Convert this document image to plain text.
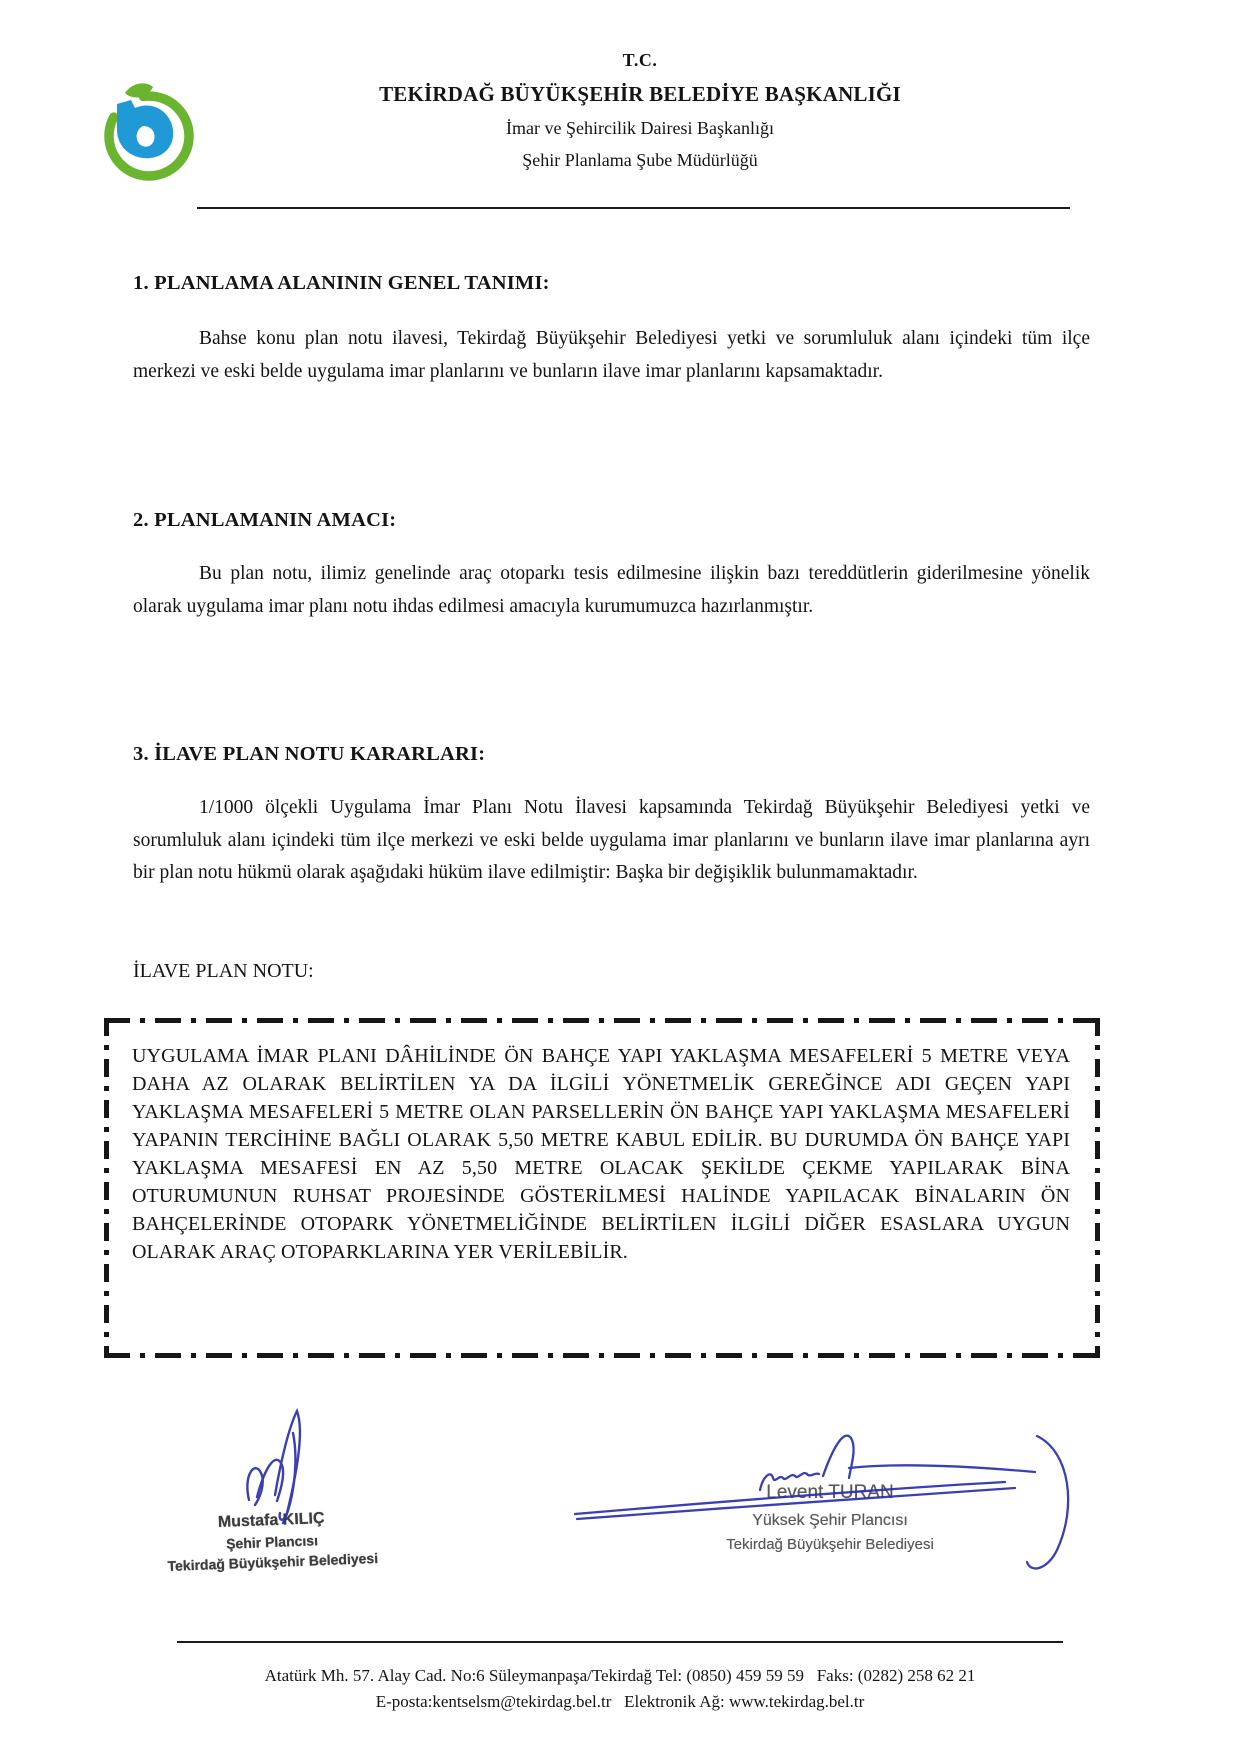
T.C.
TEKİRDAĞ BÜYÜKŞEHİR BELEDİYE BAŞKANLIĞI
İmar ve Şehircilik Dairesi Başkanlığı
Şehir Planlama Şube Müdürlüğü
1. PLANLAMA ALANININ GENEL TANIMI:

Bahse konu plan notu ilavesi, Tekirdağ Büyükşehir Belediyesi yetki ve sorumluluk alanı içindeki tüm ilçe merkezi ve eski belde uygulama imar planlarını ve bunların ilave imar planlarını kapsamaktadır.

2. PLANLAMANIN AMACI:

Bu plan notu, ilimiz genelinde araç otoparkı tesis edilmesine ilişkin bazı tereddütlerin giderilmesine yönelik olarak uygulama imar planı notu ihdas edilmesi amacıyla kurumumuzca hazırlanmıştır.

3. İLAVE PLAN NOTU KARARLARI:

1/1000 ölçekli Uygulama İmar Planı Notu İlavesi kapsamında Tekirdağ Büyükşehir Belediyesi yetki ve sorumluluk alanı içindeki tüm ilçe merkezi ve eski belde uygulama imar planlarını ve bunların ilave imar planlarına ayrı bir plan notu hükmü olarak aşağıdaki hüküm ilave edilmiştir: Başka bir değişiklik bulunmamaktadır.

İLAVE PLAN NOTU:

UYGULAMA İMAR PLANI DÂHİLİNDE ÖN BAHÇE YAPI YAKLAŞMA MESAFELERİ 5 METRE VEYA DAHA AZ OLARAK BELİRTİLEN YA DA İLGİLİ YÖNETMELİK GEREĞİNCE ADI GEÇEN YAPI YAKLAŞMA MESAFELERİ 5 METRE OLAN PARSELLERİN ÖN BAHÇE YAPI YAKLAŞMA MESAFELERİ YAPANIN TERCİHİNE BAĞLI OLARAK 5,50 METRE KABUL EDİLİR. BU DURUMDA ÖN BAHÇE YAPI YAKLAŞMA MESAFESİ EN AZ 5,50 METRE OLACAK ŞEKİLDE ÇEKME YAPILARAK BİNA OTURUMUNUN RUHSAT PROJESİNDE GÖSTERİLMESİ HALİNDE YAPILACAK BİNALARIN ÖN BAHÇELERİNDE OTOPARK YÖNETMELİĞİNDE BELİRTİLEN İLGİLİ DİĞER ESASLARA UYGUN OLARAK ARAÇ OTOPARKLARINA YER VERİLEBİLİR.

Mustafa KILIÇ
Şehir Plancısı
Tekirdağ Büyükşehir Belediyesi
Levent TURAN
Yüksek Şehir Plancısı
Tekirdağ Büyükşehir Belediyesi
Atatürk Mh. 57. Alay Cad. No:6 Süleymanpaşa/Tekirdağ Tel: (0850) 459 59 59   Faks: (0282) 258 62 21
E-posta:kentselsm@tekirdag.bel.tr   Elektronik Ağ: www.tekirdag.bel.tr
